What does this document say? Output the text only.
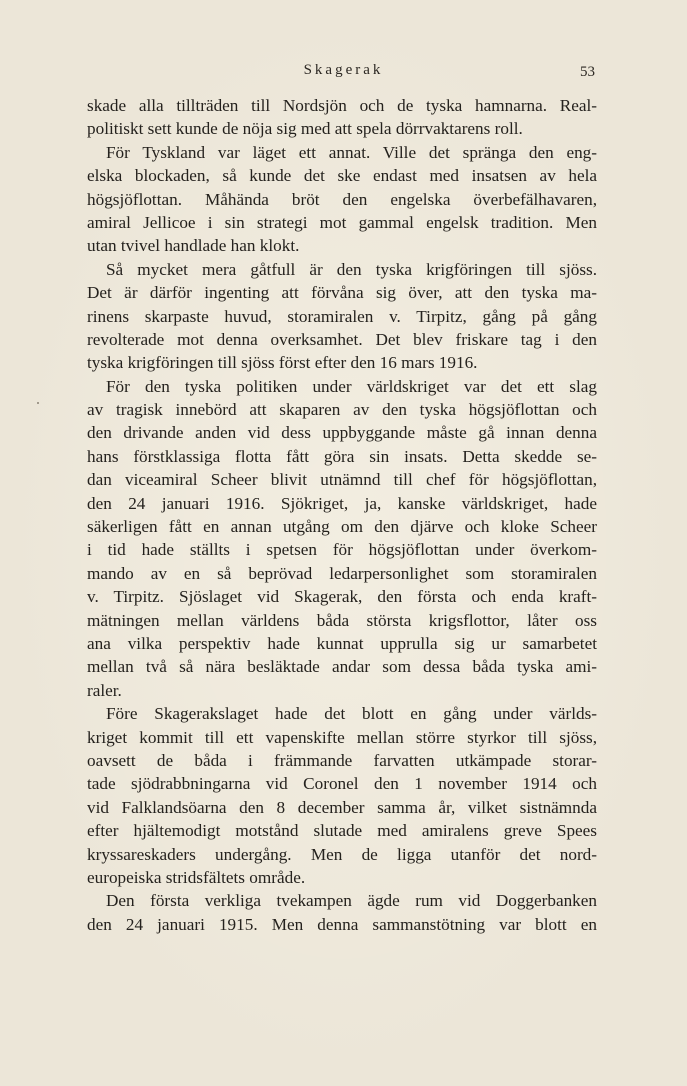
Skagerak	53
skade alla tillträden till Nordsjön och de tyska hamnarna. Real-
politiskt sett kunde de nöja sig med att spela dörrvaktarens roll.
För Tyskland var läget ett annat. Ville det spränga den eng-
elska blockaden, så kunde det ske endast med insatsen av hela
högsjöflottan. Måhända bröt den engelska överbefälhavaren,
amiral Jellicoe i sin strategi mot gammal engelsk tradition. Men
utan tvivel handlade han klokt.
Så mycket mera gåtfull är den tyska krigföringen till sjöss.
Det är därför ingenting att förvåna sig över, att den tyska ma-
rinens skarpaste huvud, storamiralen v. Tirpitz, gång på gång
revolterade mot denna overksamhet. Det blev friskare tag i den
tyska krigföringen till sjöss först efter den 16 mars 1916.
För den tyska politiken under världskriget var det ett slag
av tragisk innebörd att skaparen av den tyska högsjöflottan och
den drivande anden vid dess uppbyggande måste gå innan denna
hans förstklassiga flotta fått göra sin insats. Detta skedde se-
dan viceamiral Scheer blivit utnämnd till chef för högsjöflottan,
den 24 januari 1916. Sjökriget, ja, kanske världskriget, hade
säkerligen fått en annan utgång om den djärve och kloke Scheer
i tid hade ställts i spetsen för högsjöflottan under överkom-
mando av en så beprövad ledarpersonlighet som storamiralen
v. Tirpitz. Sjöslaget vid Skagerak, den första och enda kraft-
mätningen mellan världens båda största krigsflottor, låter oss
ana vilka perspektiv hade kunnat upprulla sig ur samarbetet
mellan två så nära besläktade andar som dessa båda tyska ami-
raler.
Före Skagerakslaget hade det blott en gång under världs-
kriget kommit till ett vapenskifte mellan större styrkor till sjöss,
oavsett de båda i främmande farvatten utkämpade storar-
tade sjödrabbningarna vid Coronel den 1 november 1914 och
vid Falklandsöarna den 8 december samma år, vilket sistnämnda
efter hjältemodigt motstånd slutade med amiralens greve Spees
kryssareskaders undergång. Men de ligga utanför det nord-
europeiska stridsfältets område.
Den första verkliga tvekampen ägde rum vid Doggerbanken
den 24 januari 1915. Men denna sammanstötning var blott en
